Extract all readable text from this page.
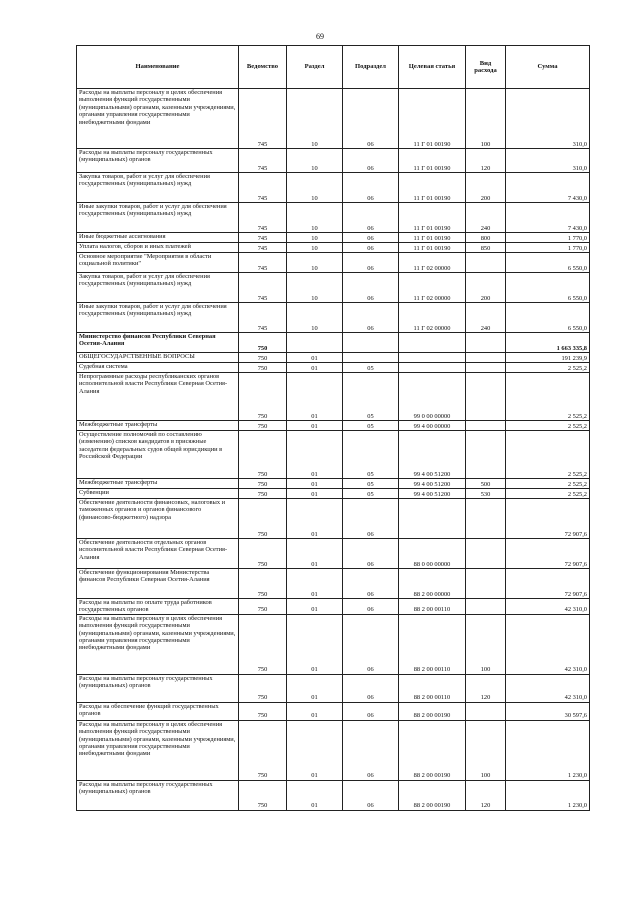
69
Наименование	Ведомство	Раздел	Подраздел	Целевая статья	Вид расхода	Сумма
Расходы на выплаты персоналу в целях обеспечения выполнения функций государственными (муниципальными) органами, казенными учреждениями, органами управления государственными внебюджетными фондами	745	10	06	11 Г 01 00190	100	310,0
Расходы на выплаты персоналу государственных (муниципальных) органов	745	10	06	11 Г 01 00190	120	310,0
Закупка товаров, работ и услуг для обеспечения государственных (муниципальных) нужд	745	10	06	11 Г 01 00190	200	7 430,0
Иные закупки товаров, работ и услуг для обеспечения государственных (муниципальных) нужд	745	10	06	11 Г 01 00190	240	7 430,0
Иные бюджетные ассигнования	745	10	06	11 Г 01 00190	800	1 770,0
Уплата налогов, сборов и иных платежей	745	10	06	11 Г 01 00190	850	1 770,0
Основное мероприятие "Мероприятия в области социальной политики"	745	10	06	11 Г 02 00000		6 550,0
Закупка товаров, работ и услуг для обеспечения государственных (муниципальных) нужд	745	10	06	11 Г 02 00000	200	6 550,0
Иные закупки товаров, работ и услуг для обеспечения государственных (муниципальных) нужд	745	10	06	11 Г 02 00000	240	6 550,0
Министерство финансов Республики Северная Осетия-Алания	750					1 663 335,8
ОБЩЕГОСУДАРСТВЕННЫЕ ВОПРОСЫ	750	01				191 239,9
Судебная система	750	01	05			2 525,2
Непрограммные расходы республиканских органов исполнительной власти Республики Северная Осетия-Алания	750	01	05	99 0 00 00000		2 525,2
Межбюджетные трансферты	750	01	05	99 4 00 00000		2 525,2
Осуществление полномочий по составлению (изменению) списков кандидатов в присяжные заседатели федеральных судов общей юрисдикции в Российской Федерации	750	01	05	99 4 00 51200		2 525,2
Межбюджетные трансферты	750	01	05	99 4 00 51200	500	2 525,2
Субвенции	750	01	05	99 4 00 51200	530	2 525,2
Обеспечение деятельности финансовых, налоговых и таможенных органов и органов финансового (финансово-бюджетного) надзора	750	01	06			72 907,6
Обеспечение деятельности отдельных органов исполнительной власти Республики Северная Осетия-Алания	750	01	06	88 0 00 00000		72 907,6
Обеспечение функционирования Министерства финансов Республики Северная Осетия-Алания	750	01	06	88 2 00 00000		72 907,6
Расходы на выплаты по оплате труда работников государственных органов	750	01	06	88 2 00 00110		42 310,0
Расходы на выплаты персоналу в целях обеспечения выполнения функций государственными (муниципальными) органами, казенными учреждениями, органами управления государственными внебюджетными фондами	750	01	06	88 2 00 00110	100	42 310,0
Расходы на выплаты персоналу государственных (муниципальных) органов	750	01	06	88 2 00 00110	120	42 310,0
Расходы на обеспечение функций государственных органов	750	01	06	88 2 00 00190		30 597,6
Расходы на выплаты персоналу в целях обеспечения выполнения функций государственными (муниципальными) органами, казенными учреждениями, органами управления государственными внебюджетными фондами	750	01	06	88 2 00 00190	100	1 230,0
Расходы на выплаты персоналу государственных (муниципальных) органов	750	01	06	88 2 00 00190	120	1 230,0
